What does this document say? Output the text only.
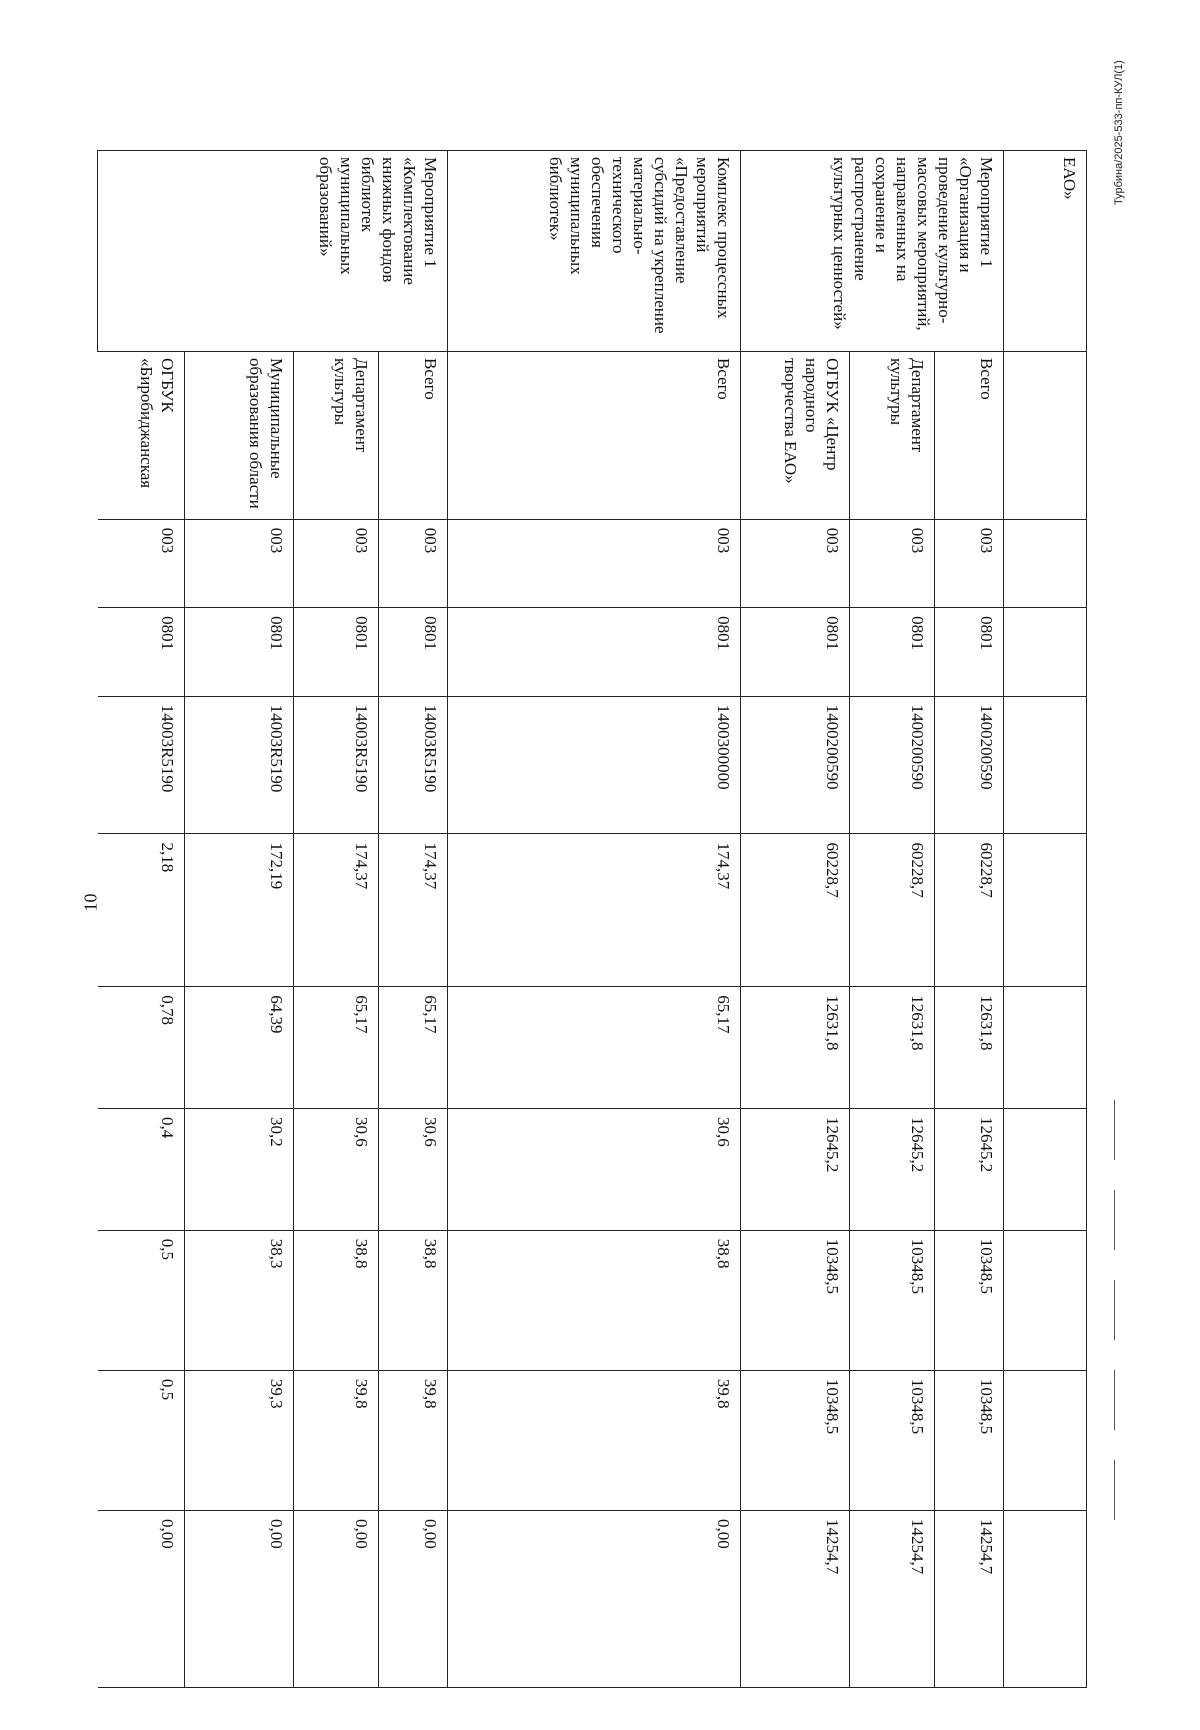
10
ЕАО»										
Мероприятие 1 «Организация и проведение культурно-массовых мероприятий, направленных на сохранение и распространение культурных ценностей»	Всего	003	0801	1400200590	60228,7	12631,8	12645,2	10348,5	10348,5	14254,7
	Департамент культуры	003	0801	1400200590	60228,7	12631,8	12645,2	10348,5	10348,5	14254,7
	ОГБУК «Центр народного творчества ЕАО»	003	0801	1400200590	60228,7	12631,8	12645,2	10348,5	10348,5	14254,7
Комплекс процессных мероприятий «Предоставление субсидий на укрепление материально-технического обеспечения муниципальных библиотек»	Всего	003	0801	1400300000	174,37	65,17	30,6	38,8	39,8	0,00
Мероприятие 1 «Комплектование книжных фондов библиотек муниципальных образований»	Всего	003	0801	14003R5190	174,37	65,17	30,6	38,8	39,8	0,00
	Департамент культуры	003	0801	14003R5190	174,37	65,17	30,6	38,8	39,8	0,00
	Муниципальные образования области	003	0801	14003R5190	172,19	64,39	30,2	38,3	39,3	0,00
	ОГБУК «Биробиджанская	003	0801	14003R5190	2,18	0,78	0,4	0,5	0,5	0,00
Турбина/2025-533-пп-КУЛ(1)
